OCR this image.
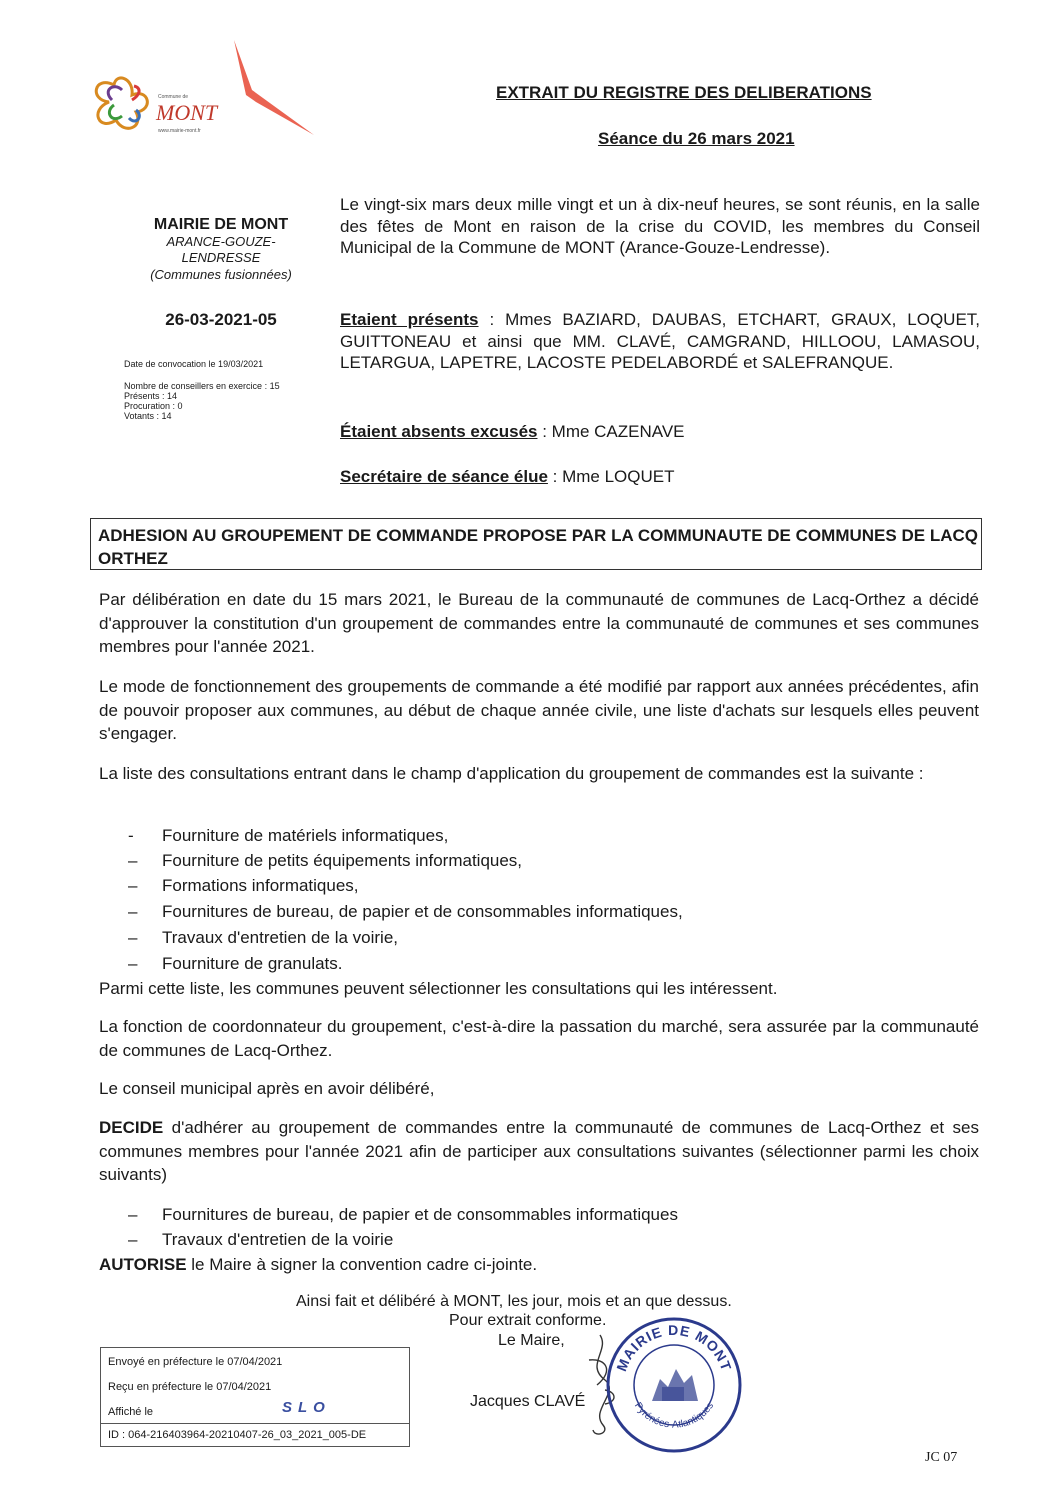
Commune de
MONT
www.mairie-mont.fr
EXTRAIT DU REGISTRE DES DELIBERATIONS
Séance du 26 mars 2021
MAIRIE DE MONT
ARANCE-GOUZE-
LENDRESSE
(Communes fusionnées)
26-03-2021-05
Date de convocation le 19/03/2021
Nombre de conseillers en exercice : 15
Présents : 14
Procuration : 0
Votants : 14
Le vingt-six mars deux mille vingt et un à dix-neuf heures, se sont réunis, en la salle des fêtes de Mont en raison de la crise du COVID, les membres du Conseil Municipal de la Commune de MONT (Arance-Gouze-Lendresse).
Etaient présents : Mmes BAZIARD, DAUBAS, ETCHART, GRAUX, LOQUET, GUITTONEAU et ainsi que MM. CLAVÉ, CAMGRAND, HILLOOU, LAMASOU, LETARGUA, LAPETRE, LACOSTE PEDELABORDÉ et SALEFRANQUE.
Étaient absents excusés : Mme CAZENAVE
Secrétaire de séance élue : Mme LOQUET
ADHESION AU GROUPEMENT DE COMMANDE PROPOSE PAR LA COMMUNAUTE DE COMMUNES DE LACQ ORTHEZ
Par délibération en date du 15 mars 2021, le Bureau de la communauté de communes de Lacq-Orthez a décidé d'approuver la constitution d'un groupement de commandes entre la communauté de communes et ses communes membres pour l'année 2021.
Le mode de fonctionnement des groupements de commande a été modifié par rapport aux années précédentes, afin de pouvoir proposer aux communes, au début de chaque année civile, une liste d'achats sur lesquels elles peuvent s'engager.
La liste des consultations entrant dans le champ d'application du groupement de commandes est la suivante :
- Fourniture de matériels informatiques,
– Fourniture de petits équipements informatiques,
– Formations informatiques,
– Fournitures de bureau, de papier et de consommables informatiques,
– Travaux d'entretien de la voirie,
– Fourniture de granulats.
Parmi cette liste, les communes peuvent sélectionner les consultations qui les intéressent.
La fonction de coordonnateur du groupement, c'est-à-dire la passation du marché, sera assurée par la communauté de communes de Lacq-Orthez.
Le conseil municipal après en avoir délibéré,
DECIDE d'adhérer au groupement de commandes entre la communauté de communes de Lacq-Orthez et ses communes membres pour l'année 2021 afin de participer aux consultations suivantes (sélectionner parmi les choix suivants)
– Fournitures de bureau, de papier et de consommables informatiques
– Travaux d'entretien de la voirie
AUTORISE le Maire à signer la convention cadre ci-jointe.
Ainsi fait et délibéré à MONT, les jour, mois et an que dessus.
Pour extrait conforme.
Le Maire,
Jacques CLAVÉ
MAIRIE DE MONT
Pyrénées-Atlantiques
Envoyé en préfecture le 07/04/2021
Reçu en préfecture le 07/04/2021
Affiché le	SLO
ID : 064-216403964-20210407-26_03_2021_005-DE
JC 07
